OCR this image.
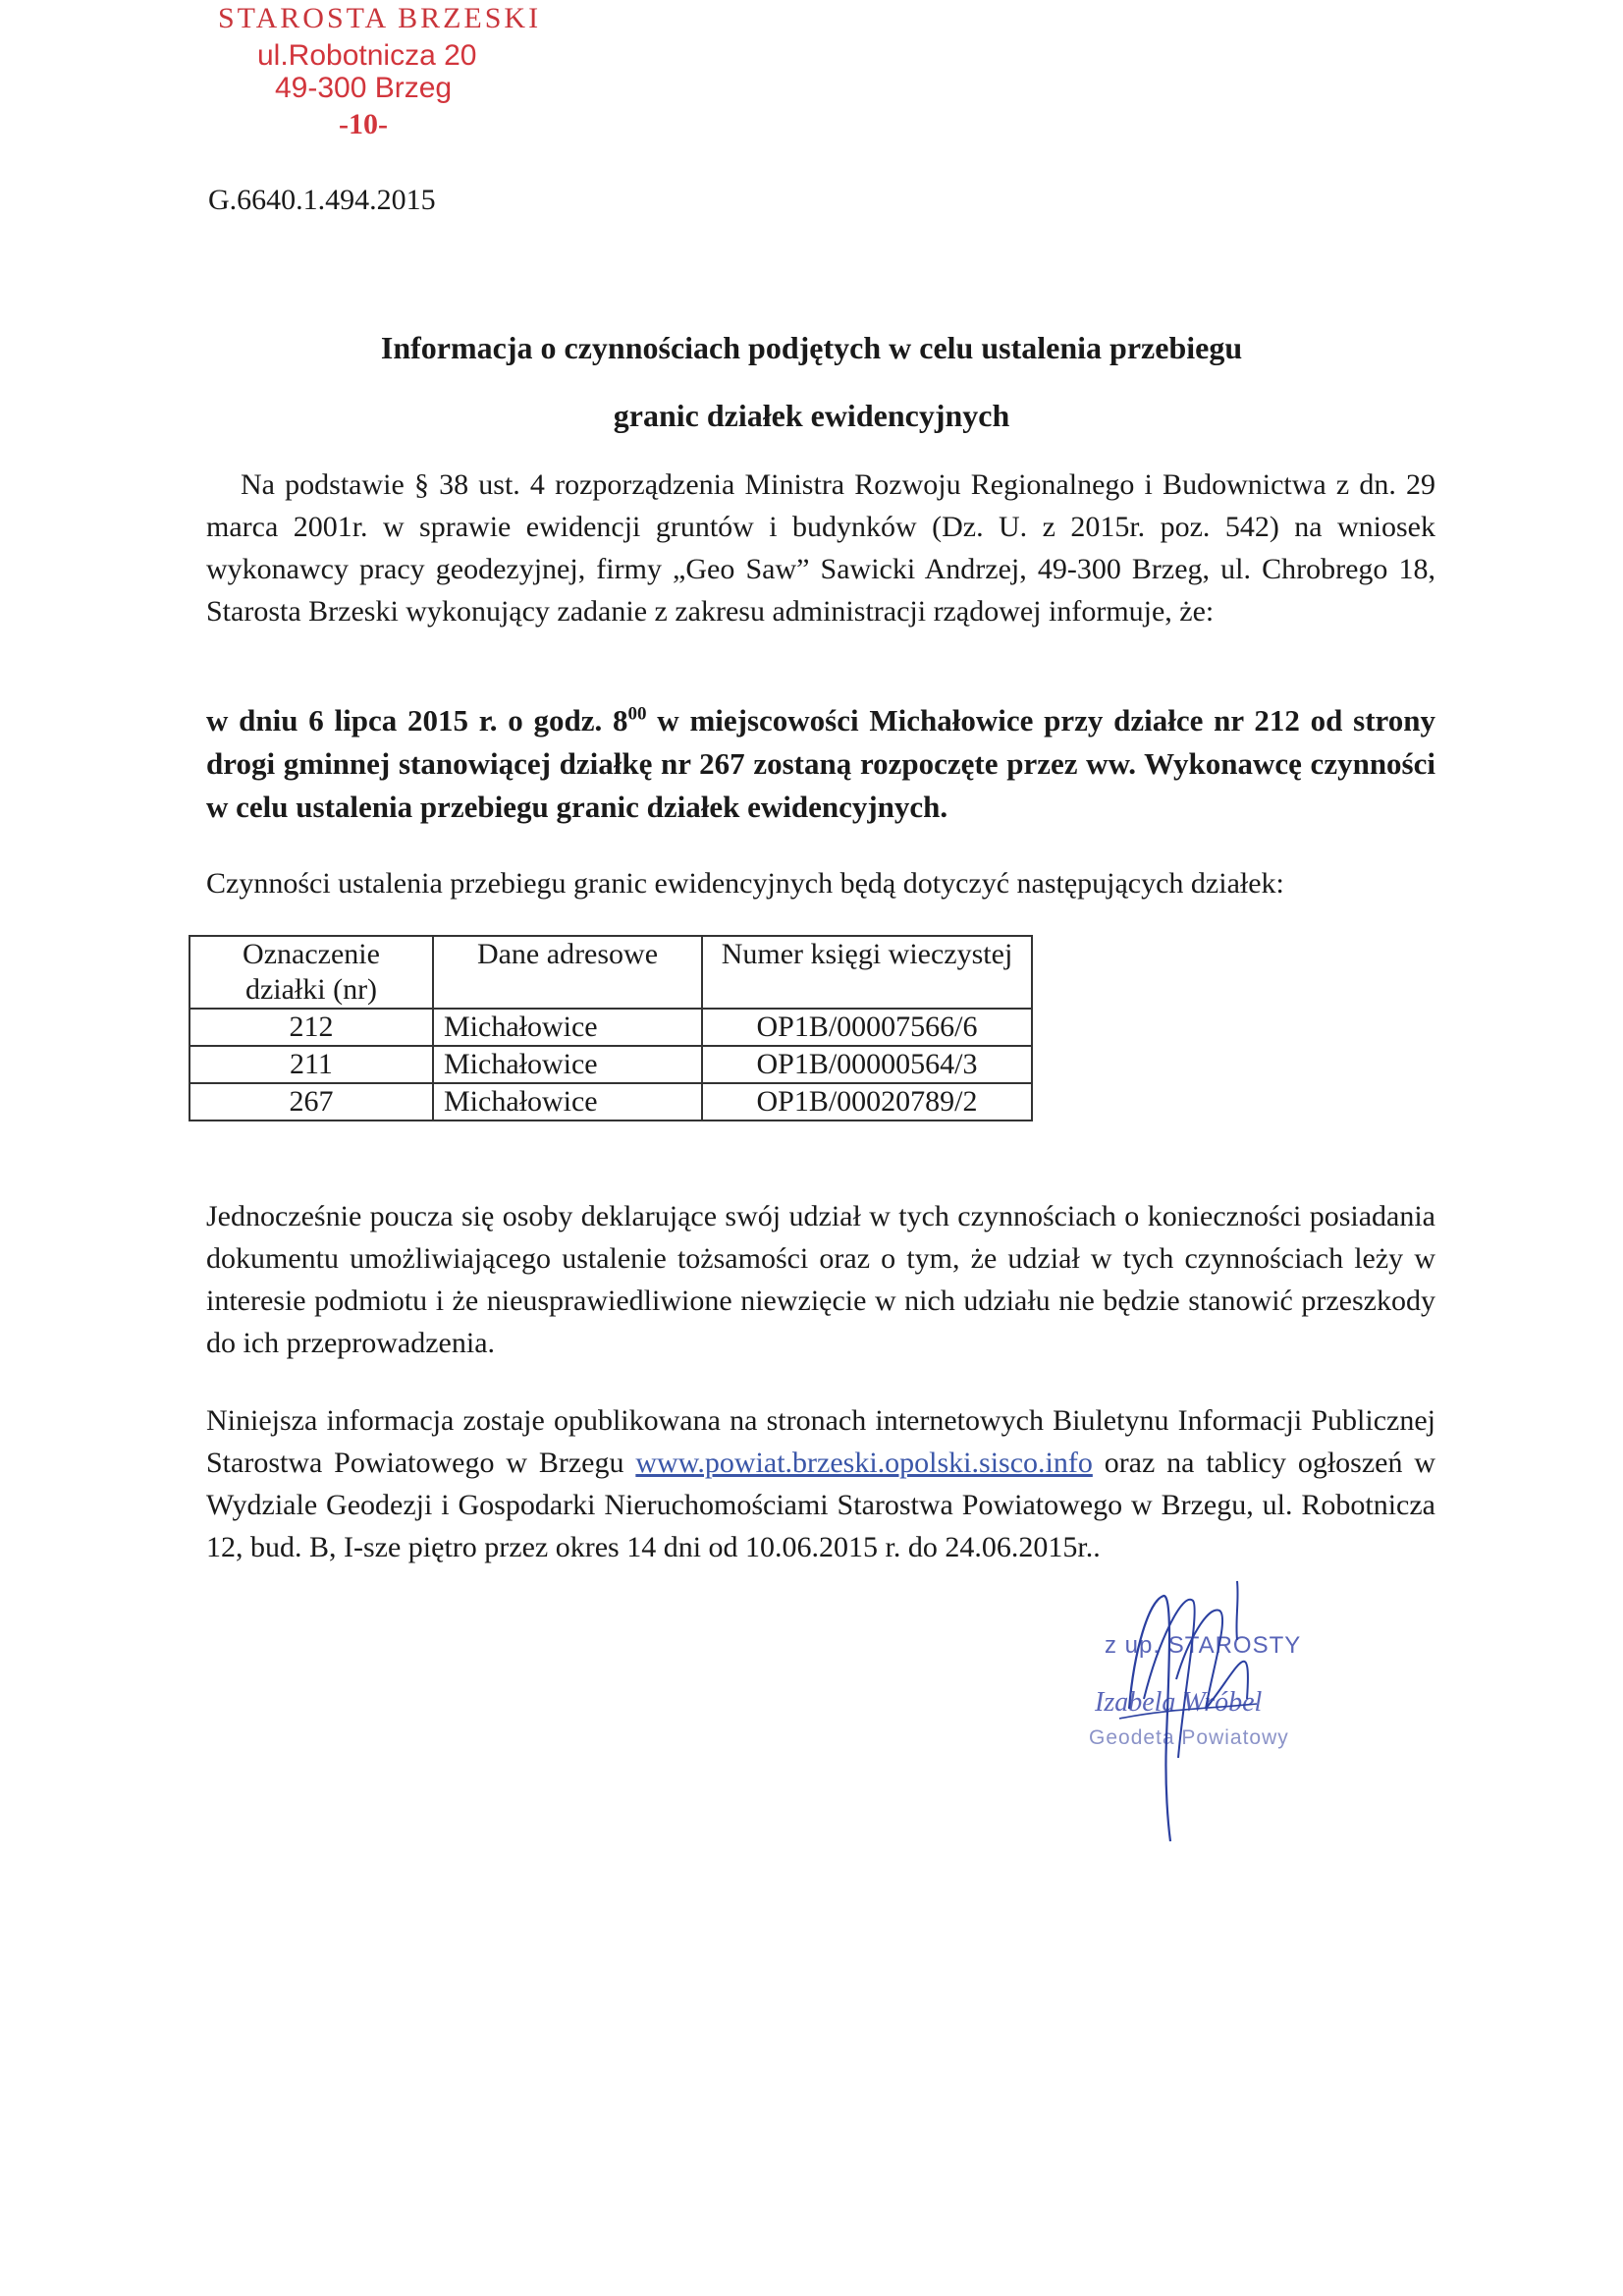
STAROSTA BRZESKI
ul.Robotnicza 20
49-300 Brzeg
-10-
G.6640.1.494.2015
Informacja o czynnościach podjętych w celu ustalenia przebiegu
granic działek ewidencyjnych
Na podstawie § 38 ust. 4 rozporządzenia Ministra Rozwoju Regionalnego i Budownictwa z dn. 29 marca 2001r. w sprawie ewidencji gruntów i budynków (Dz. U. z 2015r. poz. 542) na wniosek wykonawcy pracy geodezyjnej, firmy „Geo Saw” Sawicki Andrzej, 49-300 Brzeg, ul. Chrobrego 18, Starosta Brzeski wykonujący zadanie z zakresu administracji rządowej informuje, że:
w dniu 6 lipca 2015 r. o godz. $8^{00}$ w miejscowości Michałowice przy działce nr 212 od strony drogi gminnej stanowiącej działkę nr 267 zostaną rozpoczęte przez ww. Wykonawcę czynności w celu ustalenia przebiegu granic działek ewidencyjnych.
Czynności ustalenia przebiegu granic ewidencyjnych będą dotyczyć następujących działek:
Oznaczenie działki (nr)	Dane adresowe	Numer księgi wieczystej
212	Michałowice	OP1B/00007566/6
211	Michałowice	OP1B/00000564/3
267	Michałowice	OP1B/00020789/2
Jednocześnie poucza się osoby deklarujące swój udział w tych czynnościach o konieczności posiadania dokumentu umożliwiającego ustalenie tożsamości oraz o tym, że udział w tych czynnościach leży w interesie podmiotu i że nieusprawiedliwione niewzięcie w nich udziału nie będzie stanowić przeszkody do ich przeprowadzenia.
Niniejsza informacja zostaje opublikowana na stronach internetowych Biuletynu Informacji Publicznej Starostwa Powiatowego w Brzegu www.powiat.brzeski.opolski.sisco.info oraz na tablicy ogłoszeń w Wydziale Geodezji i Gospodarki Nieruchomościami Starostwa Powiatowego w Brzegu, ul. Robotnicza 12, bud. B, I-sze piętro przez okres 14 dni od 10.06.2015 r. do 24.06.2015r..
z up. STAROSTY
Izabela Wróbel
Geodeta Powiatowy
